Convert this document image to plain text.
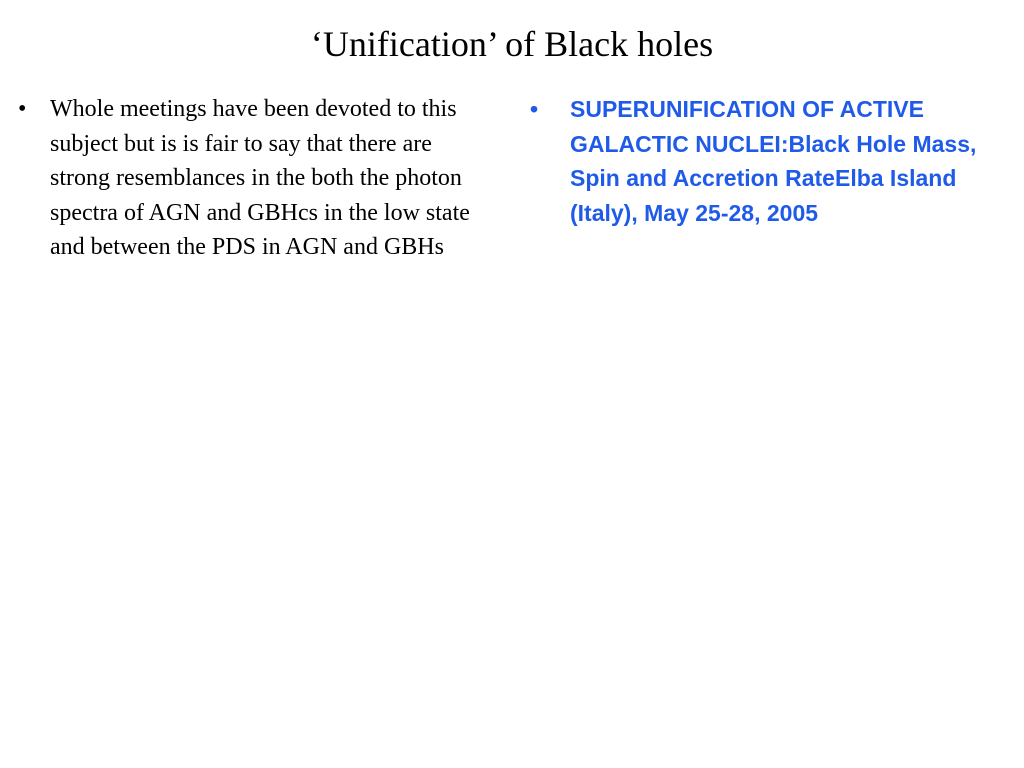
‘Unification’ of Black holes
• Whole meetings have been devoted to this subject but is is fair to say that there are strong resemblances in the both the photon spectra of AGN and GBHcs in the low state and between the PDS in AGN and GBHs
• SUPERUNIFICATION OF ACTIVE GALACTIC NUCLEI:Black Hole Mass, Spin and Accretion RateElba Island (Italy), May 25-28, 2005
